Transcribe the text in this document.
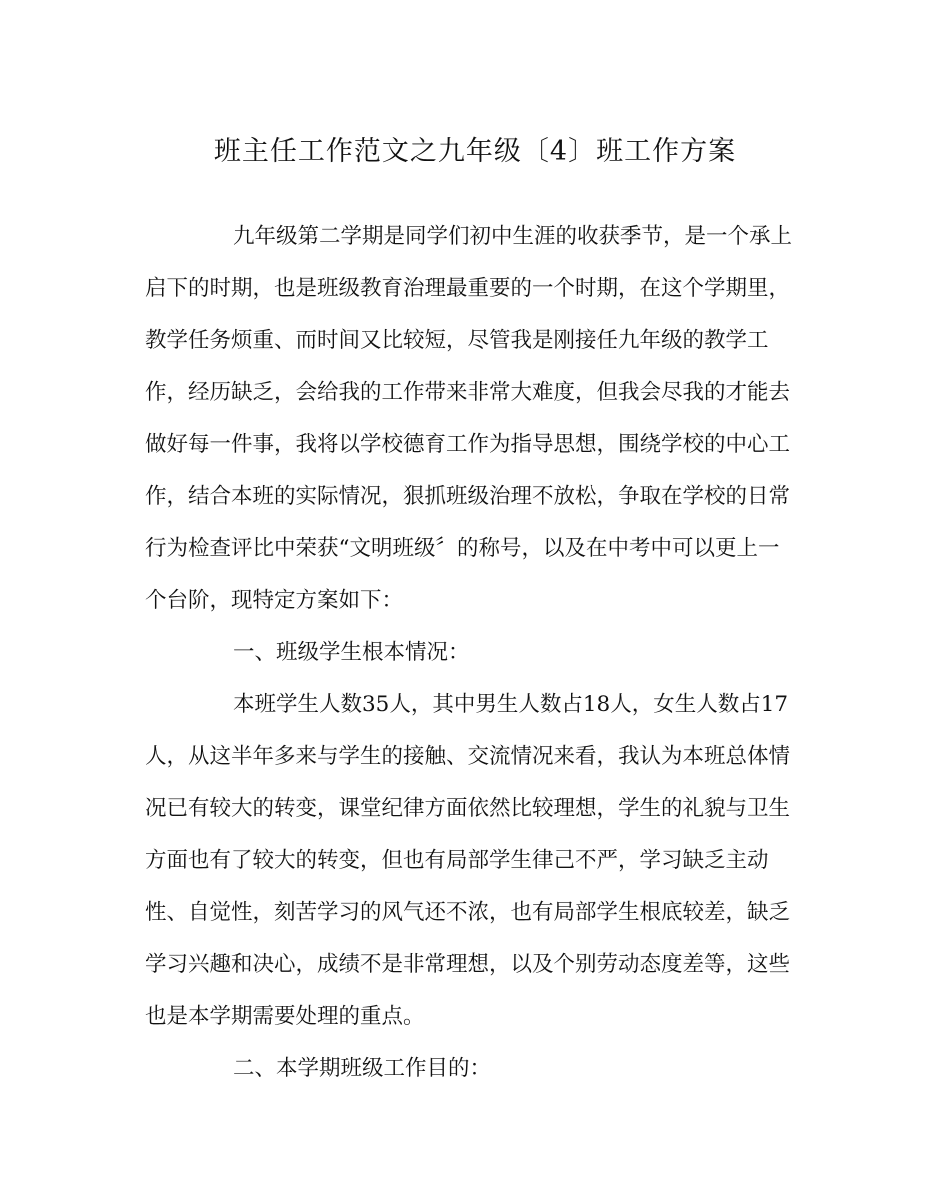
班主任工作范文之九年级〔4〕班工作方案
九年级第二学期是同学们初中生涯的收获季节，是一个承上
启下的时期，也是班级教育治理最重要的一个时期，在这个学期里，
教学任务烦重、而时间又比较短，尽管我是刚接任九年级的教学工
作，经历缺乏，会给我的工作带来非常大难度，但我会尽我的才能去
做好每一件事，我将以学校德育工作为指导思想，围绕学校的中心工
作，结合本班的实际情况，狠抓班级治理不放松，争取在学校的日常
行为检查评比中荣获“文明班级〞的称号，以及在中考中可以更上一
个台阶，现特定方案如下：
一、班级学生根本情况：
本班学生人数35人，其中男生人数占18人，女生人数占17
人，从这半年多来与学生的接触、交流情况来看，我认为本班总体情
况已有较大的转变，课堂纪律方面依然比较理想，学生的礼貌与卫生
方面也有了较大的转变，但也有局部学生律己不严，学习缺乏主动
性、自觉性，刻苦学习的风气还不浓，也有局部学生根底较差，缺乏
学习兴趣和决心，成绩不是非常理想，以及个别劳动态度差等，这些
也是本学期需要处理的重点。
二、本学期班级工作目的：
